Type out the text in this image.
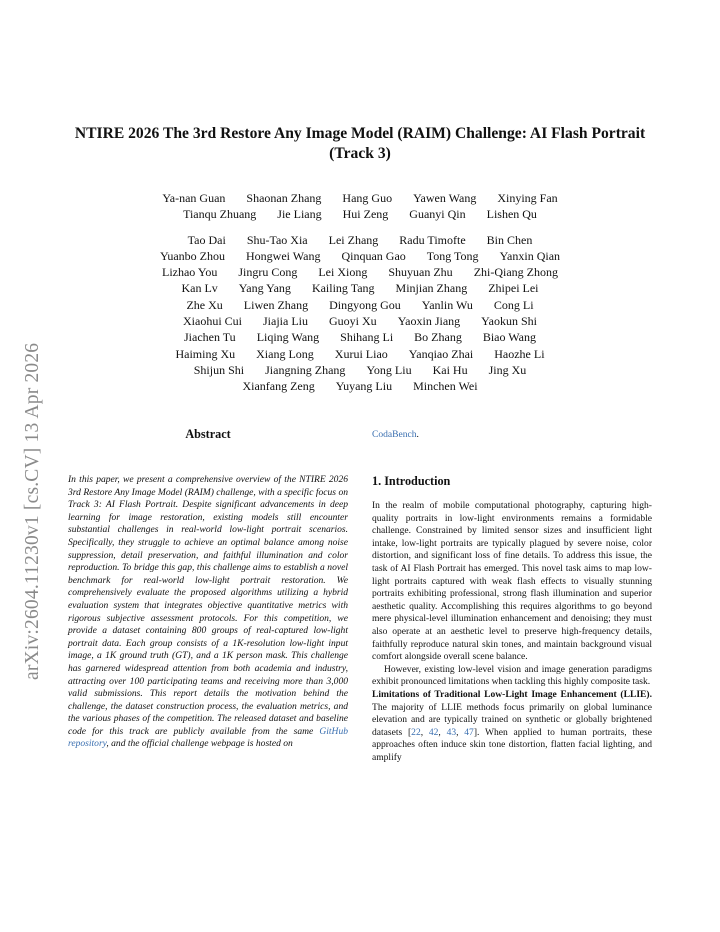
arXiv:2604.11230v1 [cs.CV] 13 Apr 2026
NTIRE 2026 The 3rd Restore Any Image Model (RAIM) Challenge: AI Flash Portrait (Track 3)
Ya-nan Guan Shaonan Zhang Hang Guo Yawen Wang Xinying Fan
Tianqu Zhuang Jie Liang Hui Zeng Guanyi Qin Lishen Qu
Tao Dai Shu-Tao Xia Lei Zhang Radu Timofte Bin Chen
Yuanbo Zhou Hongwei Wang Qinquan Gao Tong Tong Yanxin Qian
Lizhao You Jingru Cong Lei Xiong Shuyuan Zhu Zhi-Qiang Zhong
Kan Lv Yang Yang Kailing Tang Minjian Zhang Zhipei Lei
Zhe Xu Liwen Zhang Dingyong Gou Yanlin Wu Cong Li
Xiaohui Cui Jiajia Liu Guoyi Xu Yaoxin Jiang Yaokun Shi
Jiachen Tu Liqing Wang Shihang Li Bo Zhang Biao Wang
Haiming Xu Xiang Long Xurui Liao Yanqiao Zhai Haozhe Li
Shijun Shi Jiangning Zhang Yong Liu Kai Hu Jing Xu
Xianfang Zeng Yuyang Liu Minchen Wei
Abstract
In this paper, we present a comprehensive overview of the NTIRE 2026 3rd Restore Any Image Model (RAIM) challenge, with a specific focus on Track 3: AI Flash Portrait. Despite significant advancements in deep learning for image restoration, existing models still encounter substantial challenges in real-world low-light portrait scenarios. Specifically, they struggle to achieve an optimal balance among noise suppression, detail preservation, and faithful illumination and color reproduction. To bridge this gap, this challenge aims to establish a novel benchmark for real-world low-light portrait restoration. We comprehensively evaluate the proposed algorithms utilizing a hybrid evaluation system that integrates objective quantitative metrics with rigorous subjective assessment protocols. For this competition, we provide a dataset containing 800 groups of real-captured low-light portrait data. Each group consists of a 1K-resolution low-light input image, a 1K ground truth (GT), and a 1K person mask. This challenge has garnered widespread attention from both academia and industry, attracting over 100 participating teams and receiving more than 3,000 valid submissions. This report details the motivation behind the challenge, the dataset construction process, the evaluation metrics, and the various phases of the competition. The released dataset and baseline code for this track are publicly available from the same GitHub repository, and the official challenge webpage is hosted on
CodaBench.
1. Introduction

In the realm of mobile computational photography, capturing high-quality portraits in low-light environments remains a formidable challenge. Constrained by limited sensor sizes and insufficient light intake, low-light portraits are typically plagued by severe noise, color distortion, and significant loss of fine details. To address this issue, the task of AI Flash Portrait has emerged. This novel task aims to map low-light portraits captured with weak flash effects to visually stunning portraits exhibiting professional, strong flash illumination and superior aesthetic quality. Accomplishing this requires algorithms to go beyond mere physical-level illumination enhancement and denoising; they must also operate at an aesthetic level to preserve high-frequency details, faithfully reproduce natural skin tones, and maintain background visual comfort alongside overall scene balance.

However, existing low-level vision and image generation paradigms exhibit pronounced limitations when tackling this highly composite task.

Limitations of Traditional Low-Light Image Enhancement (LLIE). The majority of LLIE methods focus primarily on global luminance elevation and are typically trained on synthetic or globally brightened datasets [22, 42, 43, 47]. When applied to human portraits, these approaches often induce skin tone distortion, flatten facial lighting, and amplify
